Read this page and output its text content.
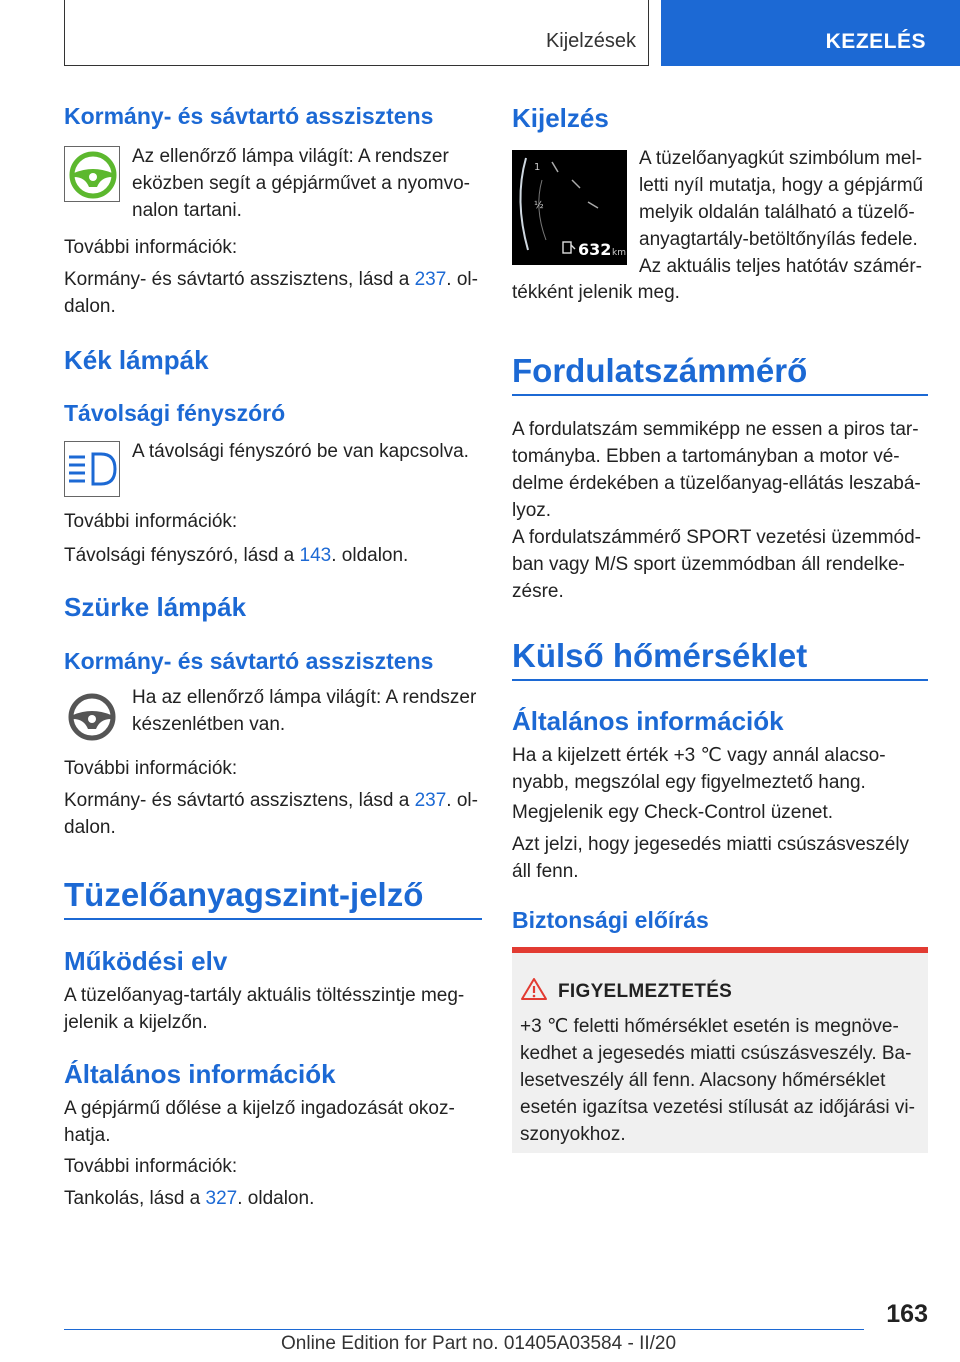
Kijelzések	KEZELÉS
Kormány- és sávtartó asszisztens
Az ellenőrző lámpa világít: A rendszer
eközben segít a gépjárművet a nyomvo-
nalon tartani.
További információk:
Kormány- és sávtartó asszisztens, lásd a 237. ol-
dalon.
Kék lámpák
Távolsági fényszóró
A távolsági fényszóró be van kapcsolva.
További információk:
Távolsági fényszóró, lásd a 143. oldalon.
Szürke lámpák
Kormány- és sávtartó asszisztens
Ha az ellenőrző lámpa világít: A rendszer
készenlétben van.
További információk:
Kormány- és sávtartó asszisztens, lásd a 237. ol-
dalon.
Tüzelőanyagszint-jelző
Működési elv
A tüzelőanyag-tartály aktuális töltésszintje meg-
jelenik a kijelzőn.
Általános információk
A gépjármű dőlése a kijelző ingadozását okoz-
hatja.
További információk:
Tankolás, lásd a 327. oldalon.
Kijelzés
1
½
632 km
A tüzelőanyagkút szimbólum mel-
letti nyíl mutatja, hogy a gépjármű
melyik oldalán található a tüzelő-
anyagtartály-betöltőnyílás fedele.
Az aktuális teljes hatótáv számér-
tékként jelenik meg.
Fordulatszámmérő
A fordulatszám semmiképp ne essen a piros tar-
tományba. Ebben a tartományban a motor vé-
delme érdekében a tüzelőanyag-ellátás leszabá-
lyoz.
A fordulatszámmérő SPORT vezetési üzemmód-
ban vagy M/S sport üzemmódban áll rendelke-
zésre.
Külső hőmérséklet
Általános információk
Ha a kijelzett érték +3 ℃ vagy annál alacso-
nyabb, megszólal egy figyelmeztető hang.
Megjelenik egy Check-Control üzenet.
Azt jelzi, hogy jegesedés miatti csúszásveszély
áll fenn.
Biztonsági előírás
FIGYELMEZTETÉS
+3 ℃ feletti hőmérséklet esetén is megnöve-
kedhet a jegesedés miatti csúszásveszély. Ba-
lesetveszély áll fenn. Alacsony hőmérséklet
esetén igazítsa vezetési stílusát az időjárási vi-
szonyokhoz.
163
Online Edition for Part no. 01405A03584 - II/20
